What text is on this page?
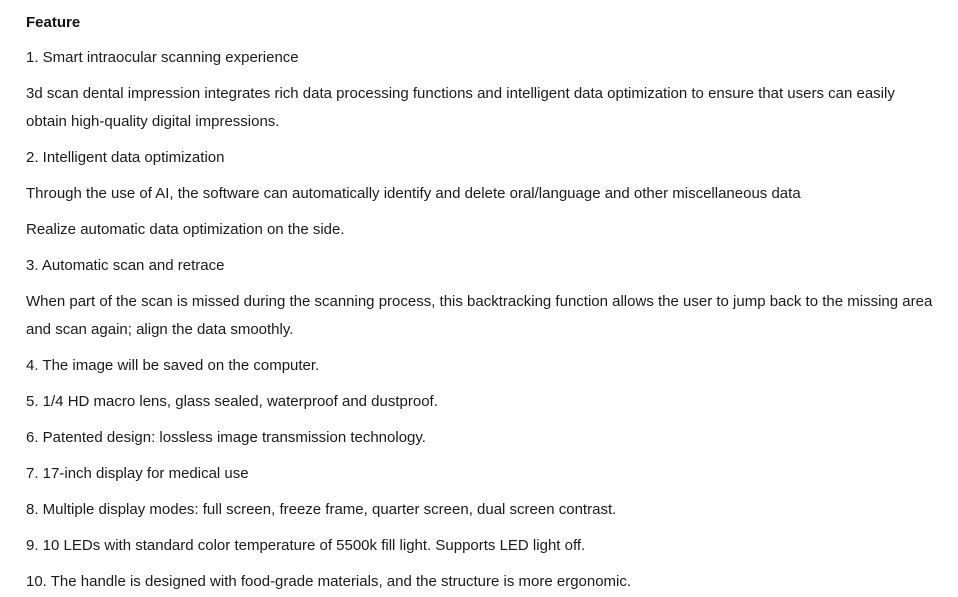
Feature

1. Smart intraocular scanning experience

3d scan dental impression integrates rich data processing functions and intelligent data optimization to ensure that users can easily obtain high-quality digital impressions.

2. Intelligent data optimization

Through the use of AI, the software can automatically identify and delete oral/language and other miscellaneous data

Realize automatic data optimization on the side.

3. Automatic scan and retrace

When part of the scan is missed during the scanning process, this backtracking function allows the user to jump back to the missing area and scan again; align the data smoothly.

4. The image will be saved on the computer.

5. 1/4 HD macro lens, glass sealed, waterproof and dustproof.

6. Patented design: lossless image transmission technology.

7. 17-inch display for medical use

8. Multiple display modes: full screen, freeze frame, quarter screen, dual screen contrast.

9. 10 LEDs with standard color temperature of 5500k fill light. Supports LED light off.

10. The handle is designed with food-grade materials, and the structure is more ergonomic.
